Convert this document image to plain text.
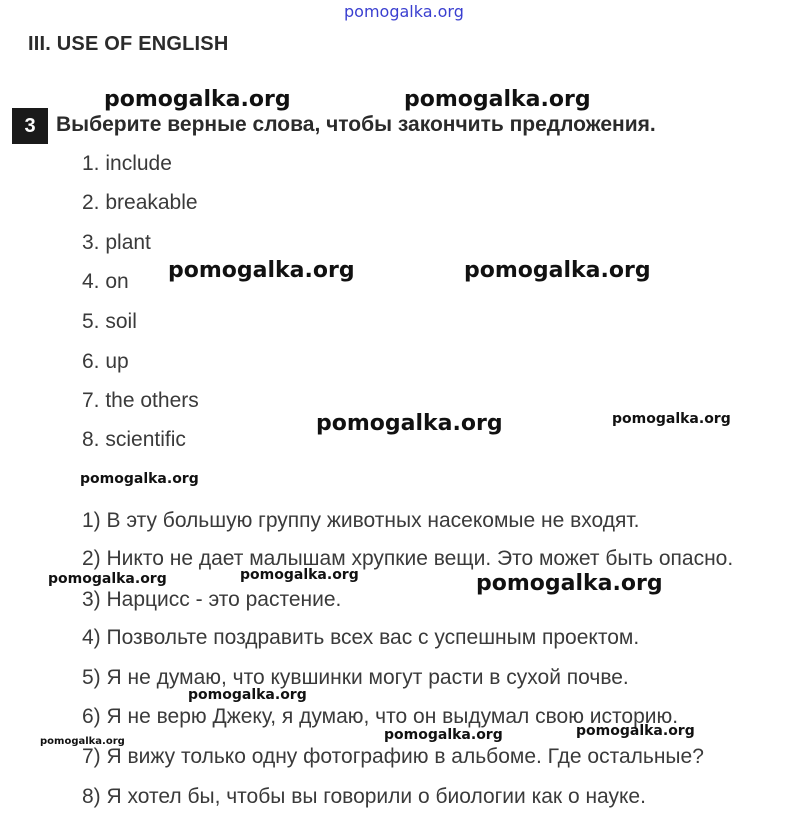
pomogalka.org
III. USE OF ENGLISH
3 Выберите верные слова, чтобы закончить предложения.
1. include
2. breakable
3. plant
4. on
5. soil
6. up
7. the others
8. scientific
1) В эту большую группу животных насекомые не входят.
2) Никто не дает малышам хрупкие вещи. Это может быть опасно.
3) Нарцисс - это растение.
4) Позвольте поздравить всех вас с успешным проектом.
5) Я не думаю, что кувшинки могут расти в сухой почве.
6) Я не верю Джеку, я думаю, что он выдумал свою историю.
7) Я вижу только одну фотографию в альбоме. Где остальные?
8) Я хотел бы, чтобы вы говорили о биологии как о науке.
pomogalka.org	pomogalka.org
pomogalka.org	pomogalka.org
pomogalka.org	pomogalka.org
pomogalka.org
pomogalka.org
pomogalka.org	pomogalka.org
pomogalka.org
pomogalka.org	pomogalka.org	pomogalka.org
